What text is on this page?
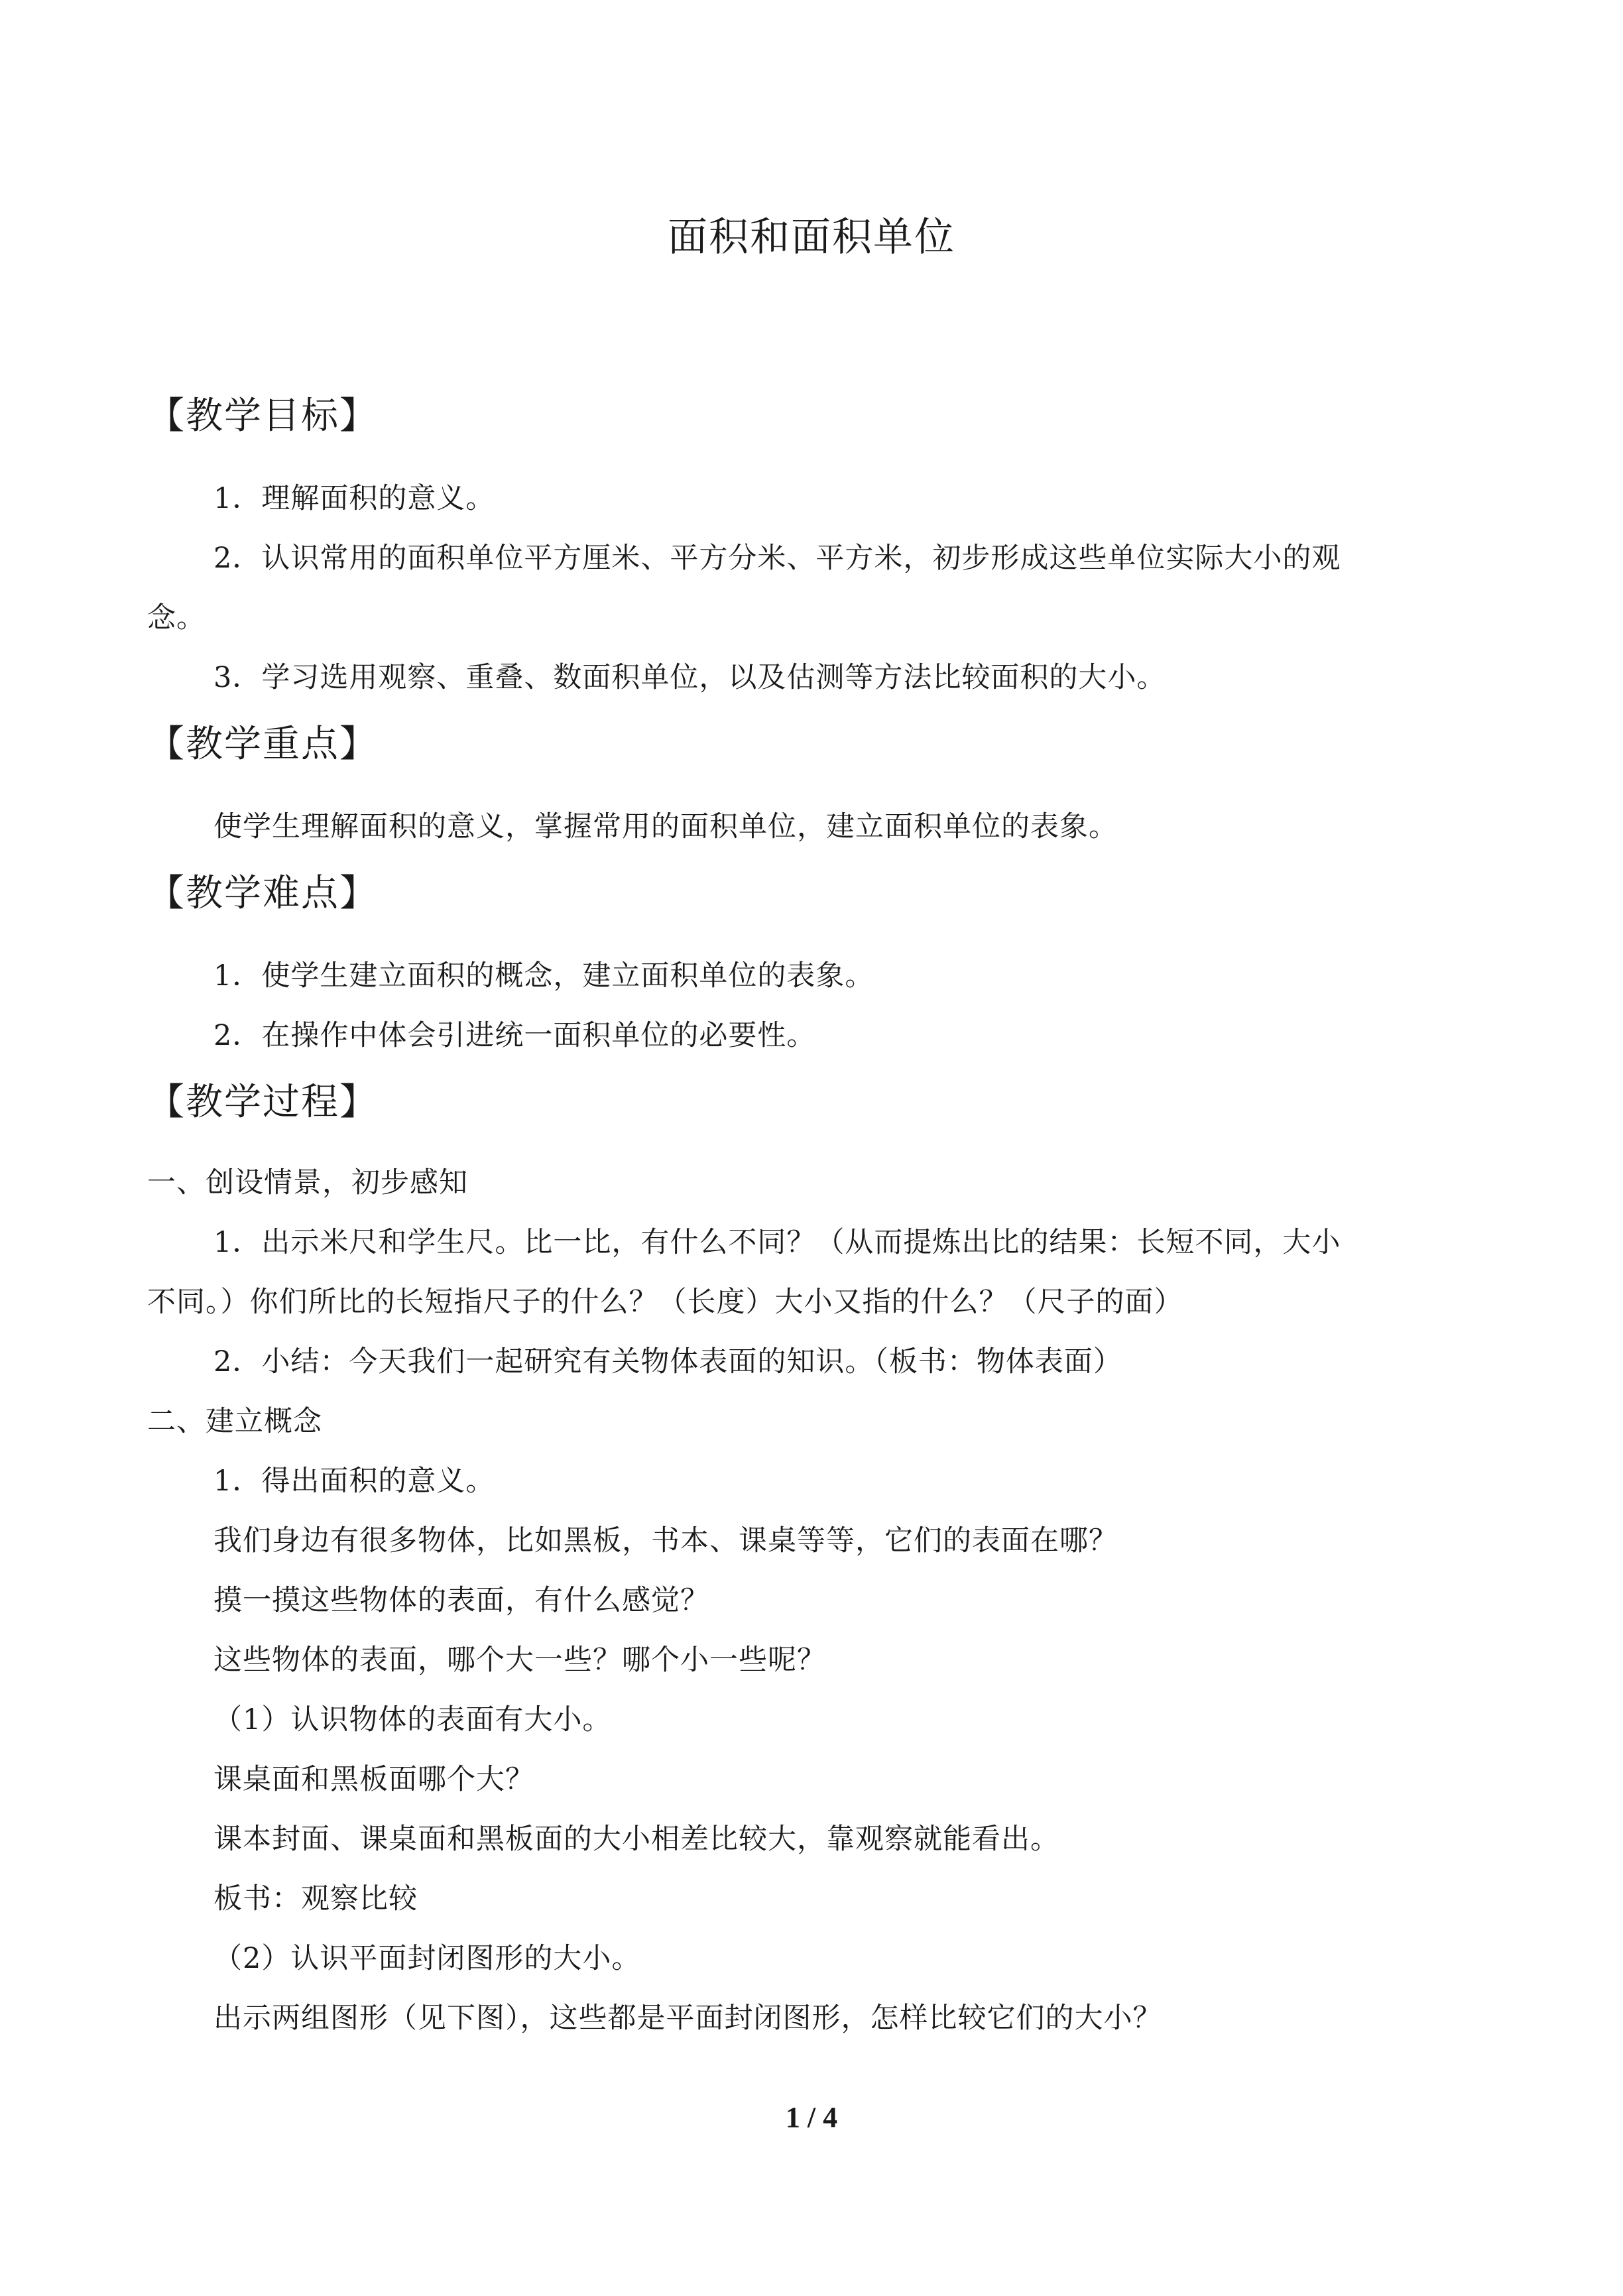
面积和面积单位
【教学目标】
1．理解面积的意义。
2．认识常用的面积单位平方厘米、平方分米、平方米，初步形成这些单位实际大小的观
念。
3．学习选用观察、重叠、数面积单位，以及估测等方法比较面积的大小。
【教学重点】
使学生理解面积的意义，掌握常用的面积单位，建立面积单位的表象。
【教学难点】
1．使学生建立面积的概念，建立面积单位的表象。
2．在操作中体会引进统一面积单位的必要性。
【教学过程】
一、创设情景，初步感知
1．出示米尺和学生尺。比一比，有什么不同？（从而提炼出比的结果：长短不同，大小
不同。）你们所比的长短指尺子的什么？（长度）大小又指的什么？（尺子的面）
2．小结：今天我们一起研究有关物体表面的知识。（板书：物体表面）
二、建立概念
1．得出面积的意义。
我们身边有很多物体，比如黑板，书本、课桌等等，它们的表面在哪？
摸一摸这些物体的表面，有什么感觉？
这些物体的表面，哪个大一些？哪个小一些呢？
（1）认识物体的表面有大小。
课桌面和黑板面哪个大？
课本封面、课桌面和黑板面的大小相差比较大，靠观察就能看出。
板书：观察比较
（2）认识平面封闭图形的大小。
出示两组图形（见下图），这些都是平面封闭图形，怎样比较它们的大小？
1 / 4
